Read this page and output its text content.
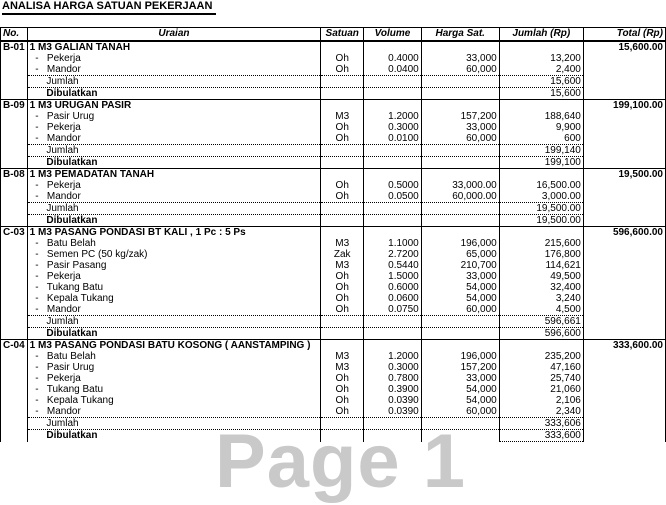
ANALISA HARGA SATUAN PEKERJAAN
No.	Uraian	Satuan	Volume	Harga Sat.	Jumlah (Rp)	Total (Rp)
B-01	1 M3 GALIAN TANAH					15,600.00
	-   Pekerja	Oh	0.4000	33,000	13,200	
	-   Mandor	Oh	0.0400	60,000	2,400	
	Jumlah				15,600	
	Dibulatkan				15,600	
B-09	1 M3 URUGAN PASIR					199,100.00
	-   Pasir Urug	M3	1.2000	157,200	188,640	
	-   Pekerja	Oh	0.3000	33,000	9,900	
	-   Mandor	Oh	0.0100	60,000	600	
	Jumlah				199,140	
	Dibulatkan				199,100	
B-08	1 M3 PEMADATAN TANAH					19,500.00
	-   Pekerja	Oh	0.5000	33,000.00	16,500.00	
	-   Mandor	Oh	0.0500	60,000.00	3,000.00	
	Jumlah				19,500.00	
	Dibulatkan				19,500.00	
C-03	1 M3 PASANG PONDASI BT KALI , 1 Pc : 5 Ps					596,600.00
	-   Batu Belah	M3	1.1000	196,000	215,600	
	-   Semen PC (50 kg/zak)	Zak	2.7200	65,000	176,800	
	-   Pasir Pasang	M3	0.5440	210,700	114,621	
	-   Pekerja	Oh	1.5000	33,000	49,500	
	-   Tukang Batu	Oh	0.6000	54,000	32,400	
	-   Kepala Tukang	Oh	0.0600	54,000	3,240	
	-   Mandor	Oh	0.0750	60,000	4,500	
	Jumlah				596,661	
	Dibulatkan				596,600	
C-04	1 M3 PASANG PONDASI BATU KOSONG ( AANSTAMPING )					333,600.00
	-   Batu Belah	M3	1.2000	196,000	235,200	
	-   Pasir Urug	M3	0.3000	157,200	47,160	
	-   Pekerja	Oh	0.7800	33,000	25,740	
	-   Tukang Batu	Oh	0.3900	54,000	21,060	
	-   Kepala Tukang	Oh	0.0390	54,000	2,106	
	-   Mandor	Oh	0.0390	60,000	2,340	
	Jumlah				333,606	
	Dibulatkan				333,600	
Page 1
